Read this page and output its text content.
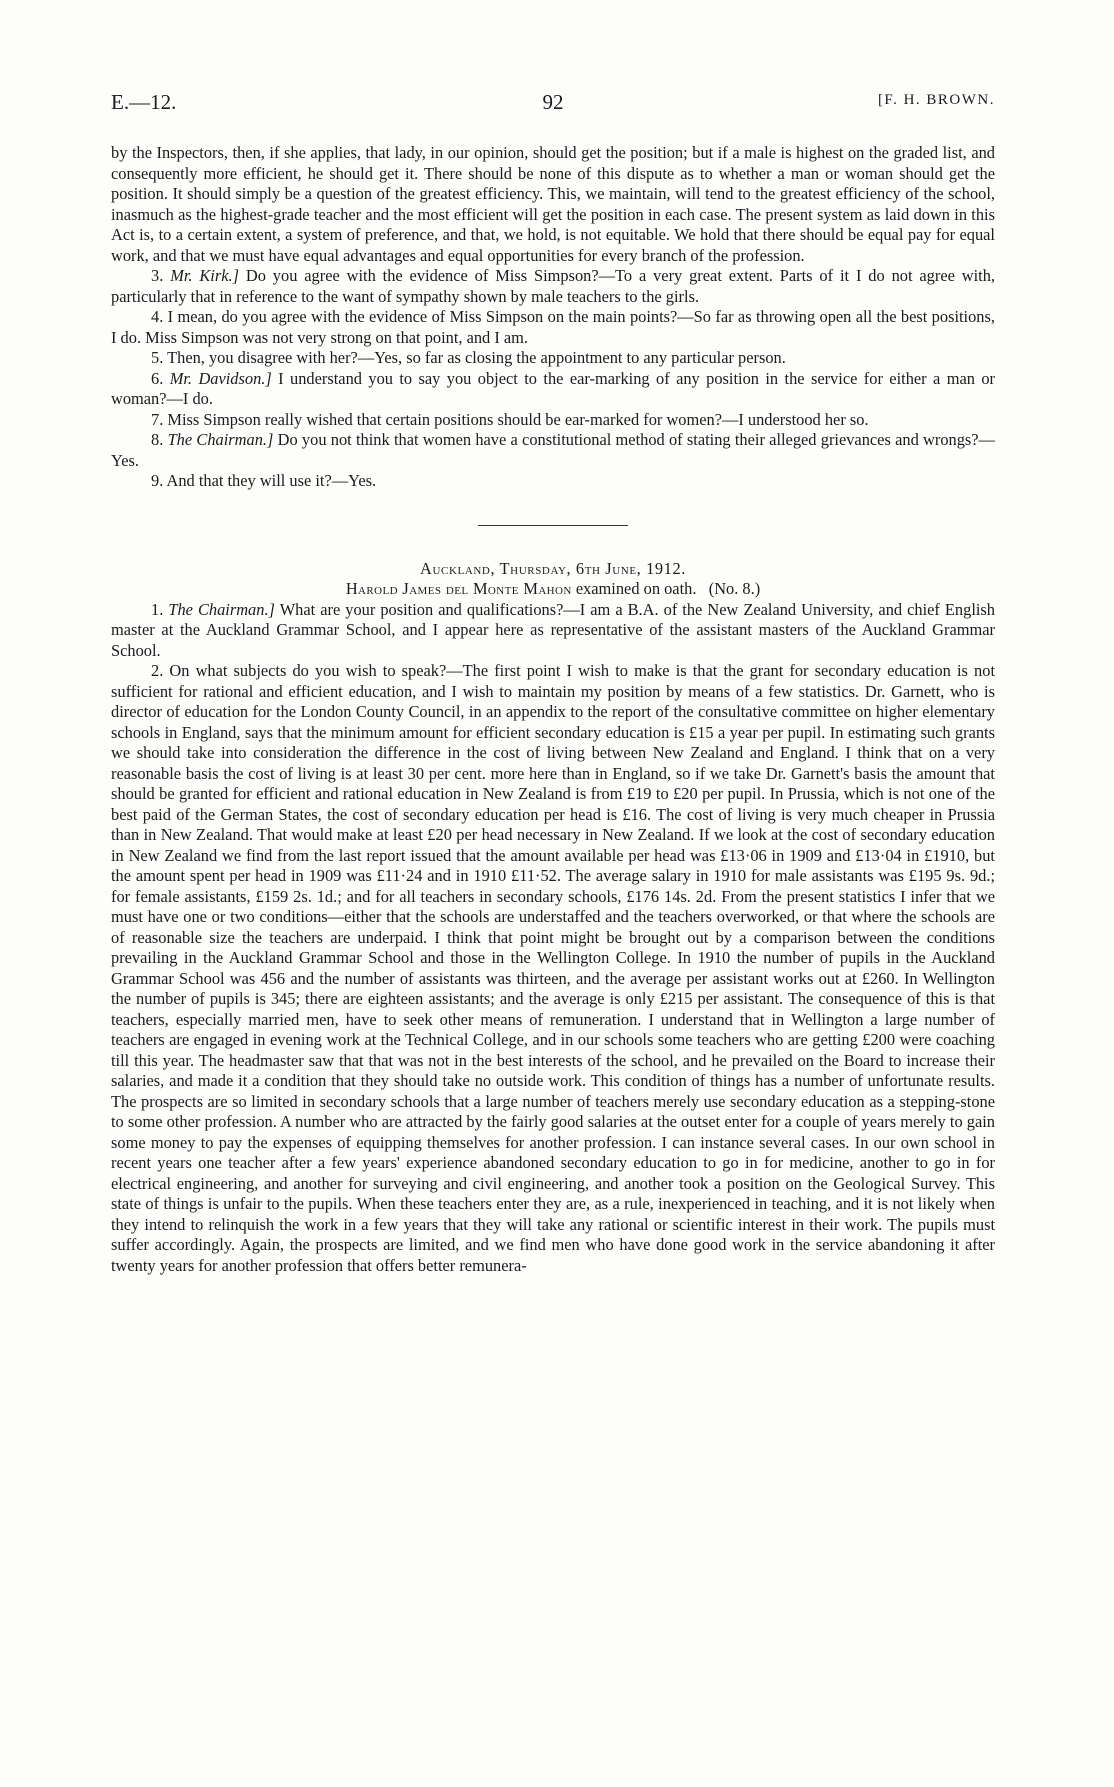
E.—12.	92	[F. H. BROWN.

by the Inspectors, then, if she applies, that lady, in our opinion, should get the position; but if a male is highest on the graded list, and consequently more efficient, he should get it. There should be none of this dispute as to whether a man or woman should get the position. It should simply be a question of the greatest efficiency. This, we maintain, will tend to the greatest efficiency of the school, inasmuch as the highest-grade teacher and the most efficient will get the position in each case. The present system as laid down in this Act is, to a certain extent, a system of preference, and that, we hold, is not equitable. We hold that there should be equal pay for equal work, and that we must have equal advantages and equal opportunities for every branch of the profession.

3. Mr. Kirk.] Do you agree with the evidence of Miss Simpson?—To a very great extent. Parts of it I do not agree with, particularly that in reference to the want of sympathy shown by male teachers to the girls.

4. I mean, do you agree with the evidence of Miss Simpson on the main points?—So far as throwing open all the best positions, I do. Miss Simpson was not very strong on that point, and I am.

5. Then, you disagree with her?—Yes, so far as closing the appointment to any particular person.

6. Mr. Davidson.] I understand you to say you object to the ear-marking of any position in the service for either a man or woman?—I do.

7. Miss Simpson really wished that certain positions should be ear-marked for women?—I understood her so.

8. The Chairman.] Do you not think that women have a constitutional method of stating their alleged grievances and wrongs?—Yes.

9. And that they will use it?—Yes.

Auckland, Thursday, 6th June, 1912.

Harold James del Monte Mahon examined on oath. (No. 8.)

1. The Chairman.] What are your position and qualifications?—I am a B.A. of the New Zealand University, and chief English master at the Auckland Grammar School, and I appear here as representative of the assistant masters of the Auckland Grammar School.

2. On what subjects do you wish to speak?—The first point I wish to make is that the grant for secondary education is not sufficient for rational and efficient education, and I wish to maintain my position by means of a few statistics. Dr. Garnett, who is director of education for the London County Council, in an appendix to the report of the consultative committee on higher elementary schools in England, says that the minimum amount for efficient secondary education is £15 a year per pupil. In estimating such grants we should take into consideration the difference in the cost of living between New Zealand and England. I think that on a very reasonable basis the cost of living is at least 30 per cent. more here than in England, so if we take Dr. Garnett's basis the amount that should be granted for efficient and rational education in New Zealand is from £19 to £20 per pupil. In Prussia, which is not one of the best paid of the German States, the cost of secondary education per head is £16. The cost of living is very much cheaper in Prussia than in New Zealand. That would make at least £20 per head necessary in New Zealand. If we look at the cost of secondary education in New Zealand we find from the last report issued that the amount available per head was £13·06 in 1909 and £13·04 in £1910, but the amount spent per head in 1909 was £11·24 and in 1910 £11·52. The average salary in 1910 for male assistants was £195 9s. 9d.; for female assistants, £159 2s. 1d.; and for all teachers in secondary schools, £176 14s. 2d. From the present statistics I infer that we must have one or two conditions—either that the schools are understaffed and the teachers overworked, or that where the schools are of reasonable size the teachers are underpaid. I think that point might be brought out by a comparison between the conditions prevailing in the Auckland Grammar School and those in the Wellington College. In 1910 the number of pupils in the Auckland Grammar School was 456 and the number of assistants was thirteen, and the average per assistant works out at £260. In Wellington the number of pupils is 345; there are eighteen assistants; and the average is only £215 per assistant. The consequence of this is that teachers, especially married men, have to seek other means of remuneration. I understand that in Wellington a large number of teachers are engaged in evening work at the Technical College, and in our schools some teachers who are getting £200 were coaching till this year. The headmaster saw that that was not in the best interests of the school, and he prevailed on the Board to increase their salaries, and made it a condition that they should take no outside work. This condition of things has a number of unfortunate results. The prospects are so limited in secondary schools that a large number of teachers merely use secondary education as a stepping-stone to some other profession. A number who are attracted by the fairly good salaries at the outset enter for a couple of years merely to gain some money to pay the expenses of equipping themselves for another profession. I can instance several cases. In our own school in recent years one teacher after a few years' experience abandoned secondary education to go in for medicine, another to go in for electrical engineering, and another for surveying and civil engineering, and another took a position on the Geological Survey. This state of things is unfair to the pupils. When these teachers enter they are, as a rule, inexperienced in teaching, and it is not likely when they intend to relinquish the work in a few years that they will take any rational or scientific interest in their work. The pupils must suffer accordingly. Again, the prospects are limited, and we find men who have done good work in the service abandoning it after twenty years for another profession that offers better remunera-
